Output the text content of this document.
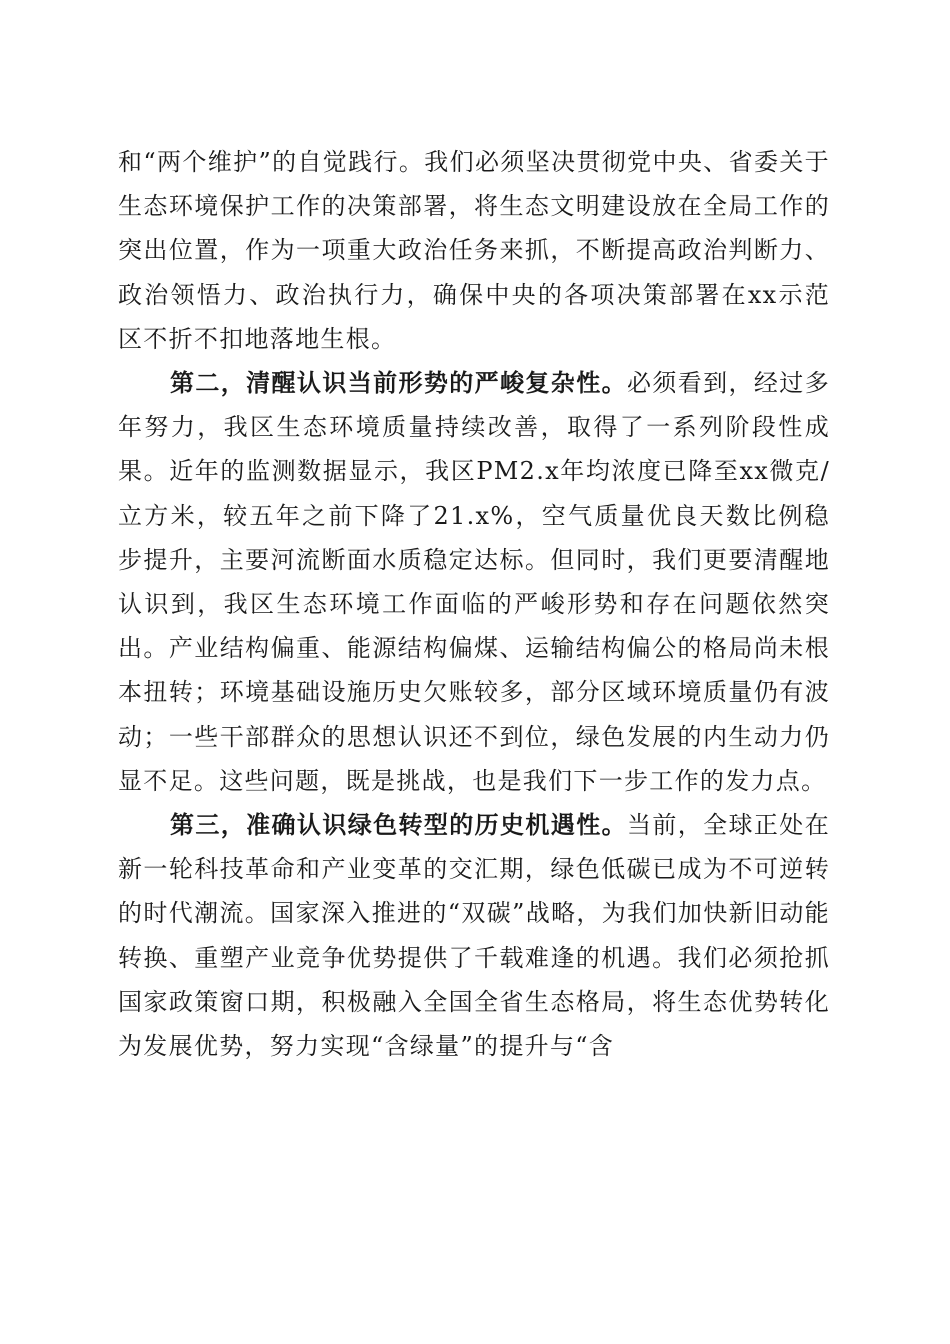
和“两个维护”的自觉践行。我们必须坚决贯彻党中央、省委关于生态环境保护工作的决策部署，将生态文明建设放在全局工作的突出位置，作为一项重大政治任务来抓，不断提高政治判断力、政治领悟力、政治执行力，确保中央的各项决策部署在xx示范区不折不扣地落地生根。

第二，清醒认识当前形势的严峻复杂性。必须看到，经过多年努力，我区生态环境质量持续改善，取得了一系列阶段性成果。近年的监测数据显示，我区PM2.x年均浓度已降至xx微克/立方米，较五年之前下降了21.x%，空气质量优良天数比例稳步提升，主要河流断面水质稳定达标。但同时，我们更要清醒地认识到，我区生态环境工作面临的严峻形势和存在问题依然突出。产业结构偏重、能源结构偏煤、运输结构偏公的格局尚未根本扭转；环境基础设施历史欠账较多，部分区域环境质量仍有波动；一些干部群众的思想认识还不到位，绿色发展的内生动力仍显不足。这些问题，既是挑战，也是我们下一步工作的发力点。

第三，准确认识绿色转型的历史机遇性。当前，全球正处在新一轮科技革命和产业变革的交汇期，绿色低碳已成为不可逆转的时代潮流。国家深入推进的“双碳”战略，为我们加快新旧动能转换、重塑产业竞争优势提供了千载难逢的机遇。我们必须抢抓国家政策窗口期，积极融入全国全省生态格局，将生态优势转化为发展优势，努力实现“含绿量”的提升与“含
